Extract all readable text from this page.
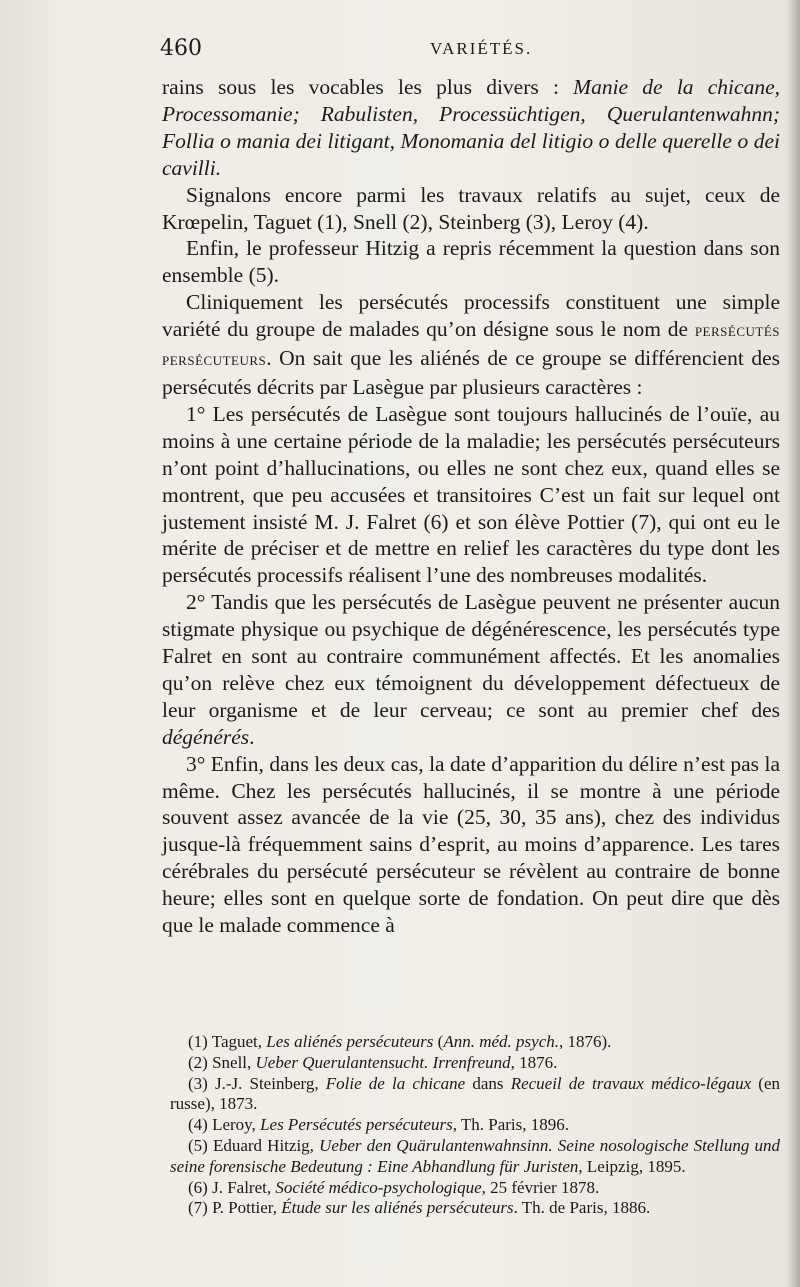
460	VARIÉTÉS.

rains sous les vocables les plus divers : Manie de la chicane, Processomanie; Rabulisten, Processüchtigen, Querulantenwahnn; Follia o mania dei litigant, Monomania del litigio o delle querelle o dei cavilli.

Signalons encore parmi les travaux relatifs au sujet, ceux de Krœpelin, Taguet (1), Snell (2), Steinberg (3), Leroy (4).

Enfin, le professeur Hitzig a repris récemment la question dans son ensemble (5).

Cliniquement les persécutés processifs constituent une simple variété du groupe de malades qu’on désigne sous le nom de persécutés persécuteurs. On sait que les aliénés de ce groupe se différencient des persécutés décrits par Lasègue par plusieurs caractères :

1° Les persécutés de Lasègue sont toujours hallucinés de l’ouïe, au moins à une certaine période de la maladie; les persécutés persécuteurs n’ont point d’hallucinations, ou elles ne sont chez eux, quand elles se montrent, que peu accusées et transitoires C’est un fait sur lequel ont justement insisté M. J. Falret (6) et son élève Pottier (7), qui ont eu le mérite de préciser et de mettre en relief les caractères du type dont les persécutés processifs réalisent l’une des nombreuses modalités.

2° Tandis que les persécutés de Lasègue peuvent ne présenter aucun stigmate physique ou psychique de dégénérescence, les persécutés type Falret en sont au contraire communément affectés. Et les anomalies qu’on relève chez eux témoignent du développement défectueux de leur organisme et de leur cerveau; ce sont au premier chef des dégénérés.

3° Enfin, dans les deux cas, la date d’apparition du délire n’est pas la même. Chez les persécutés hallucinés, il se montre à une période souvent assez avancée de la vie (25, 30, 35 ans), chez des individus jusque-là fréquemment sains d’esprit, au moins d’apparence. Les tares cérébrales du persécuté persécuteur se révèlent au contraire de bonne heure; elles sont en quelque sorte de fondation. On peut dire que dès que le malade commence à

(1) Taguet, Les aliénés persécuteurs (Ann. méd. psych., 1876).

(2) Snell, Ueber Querulantensucht. Irrenfreund, 1876.

(3) J.-J. Steinberg, Folie de la chicane dans Recueil de travaux médico-légaux (en russe), 1873.

(4) Leroy, Les Persécutés persécuteurs, Th. Paris, 1896.

(5) Eduard Hitzig, Ueber den Quärulantenwahnsinn. Seine nosologische Stellung und seine forensische Bedeutung : Eine Abhandlung für Juristen, Leipzig, 1895.

(6) J. Falret, Société médico-psychologique, 25 février 1878.

(7) P. Pottier, Étude sur les aliénés persécuteurs. Th. de Paris, 1886.
